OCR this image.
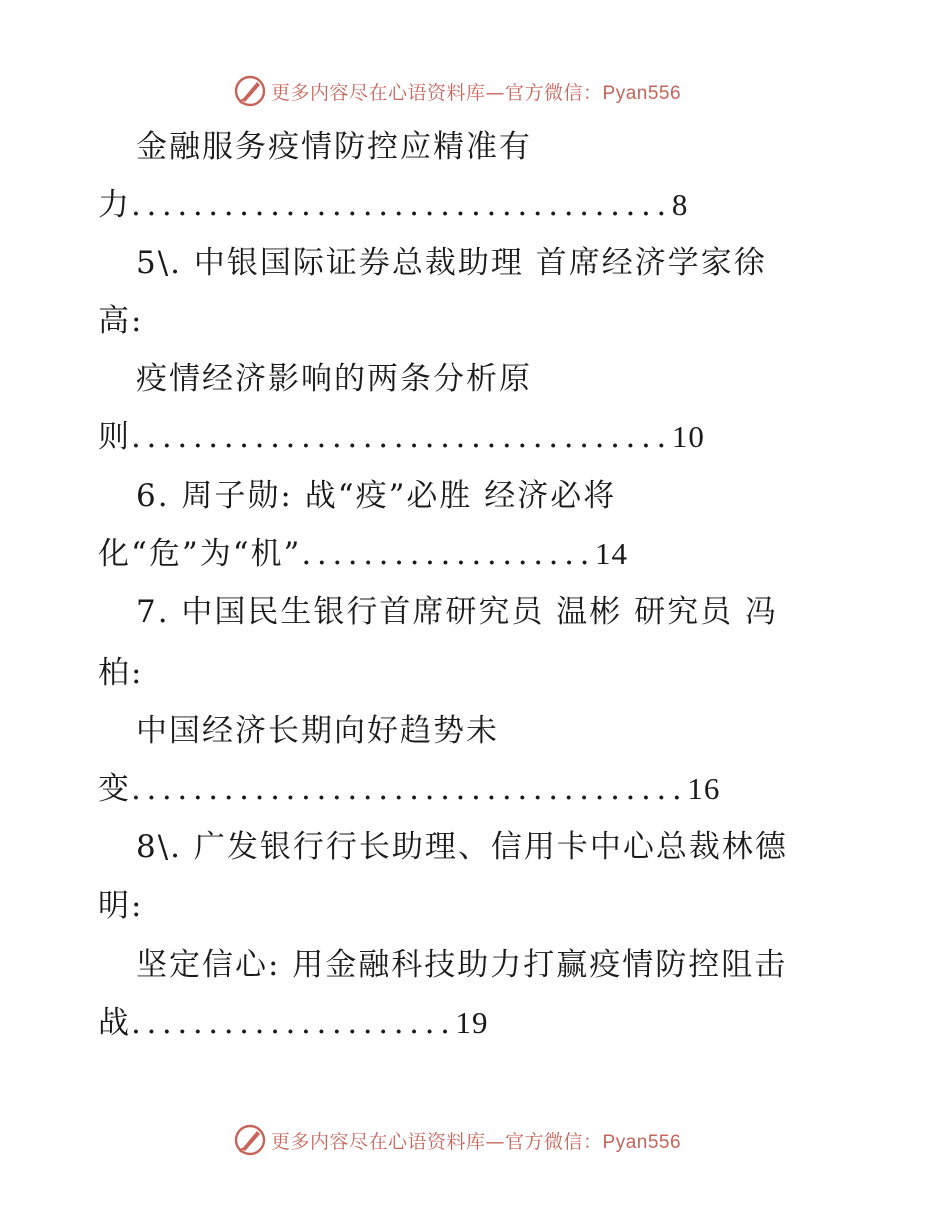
更多内容尽在心语资料库—官方微信：Pyan556
金融服务疫情防控应精准有
力...................................8
5\. 中银国际证券总裁助理 首席经济学家徐
高:
疫情经济影响的两条分析原
则...................................10
6. 周子勋: 战“疫”必胜 经济必将
化“危”为“机”...................14
7. 中国民生银行首席研究员 温彬 研究员 冯
柏:
中国经济长期向好趋势未
变....................................16
8\. 广发银行行长助理、信用卡中心总裁林德
明:
坚定信心: 用金融科技助力打赢疫情防控阻击
战.....................19
更多内容尽在心语资料库—官方微信：Pyan556
